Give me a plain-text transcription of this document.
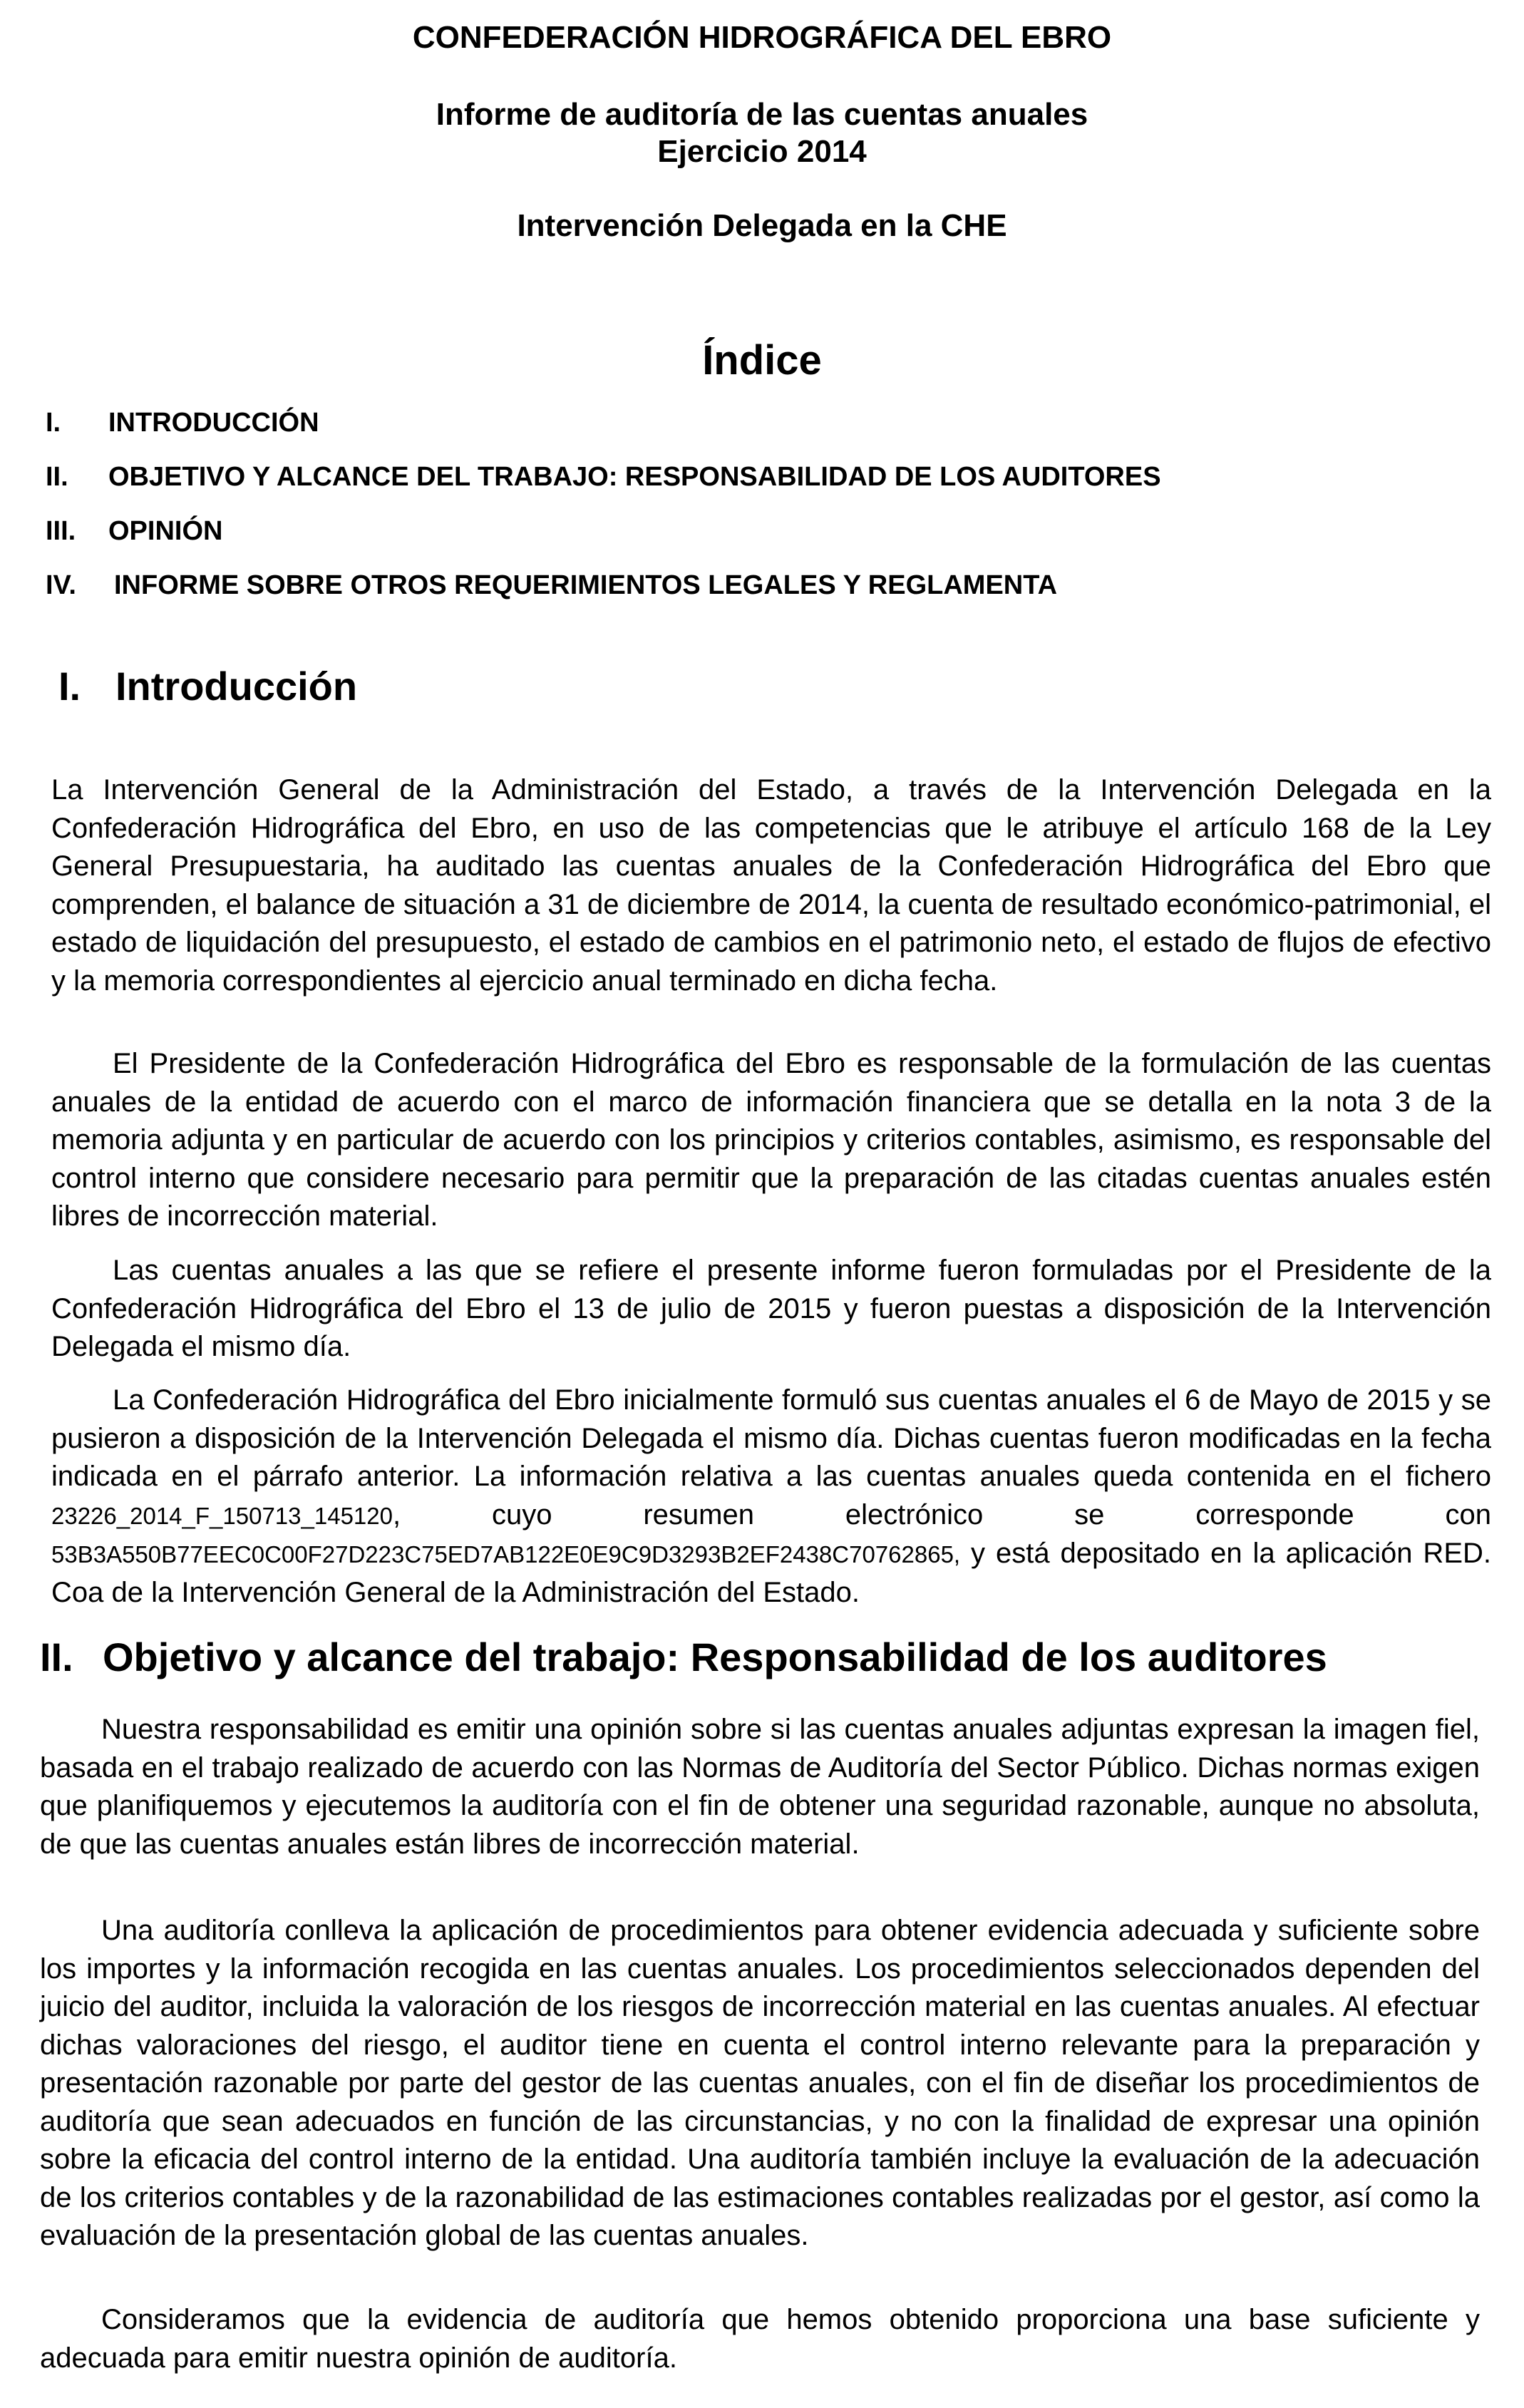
CONFEDERACIÓN HIDROGRÁFICA DEL EBRO
Informe de auditoría de las cuentas anuales
Ejercicio 2014
Intervención Delegada en la CHE
Índice
I.	INTRODUCCIÓN
II.	OBJETIVO Y ALCANCE DEL TRABAJO: RESPONSABILIDAD DE LOS AUDITORES
III.	OPINIÓN
IV.	INFORME SOBRE OTROS REQUERIMIENTOS LEGALES Y REGLAMENTA
I. Introducción

La Intervención General de la Administración del Estado, a través de la Intervención Delegada en la Confederación Hidrográfica del Ebro, en uso de las competencias que le atribuye el artículo 168 de la Ley General Presupuestaria, ha auditado las cuentas anuales de la Confederación Hidrográfica del Ebro que comprenden, el balance de situación a 31 de diciembre de 2014, la cuenta de resultado económico-patrimonial, el estado de liquidación del presupuesto, el estado de cambios en el patrimonio neto, el estado de flujos de efectivo y la memoria correspondientes al ejercicio anual terminado en dicha fecha.

El Presidente de la Confederación Hidrográfica del Ebro es responsable de la formulación de las cuentas anuales de la entidad de acuerdo con el marco de información financiera que se detalla en la nota 3 de la memoria adjunta y en particular de acuerdo con los principios y criterios contables, asimismo, es responsable del control interno que considere necesario para permitir que la preparación de las citadas cuentas anuales estén libres de incorrección material.

Las cuentas anuales a las que se refiere el presente informe fueron formuladas por el Presidente de la Confederación Hidrográfica del Ebro el 13 de julio de 2015 y fueron puestas a disposición de la Intervención Delegada el mismo día.

La Confederación Hidrográfica del Ebro inicialmente formuló sus cuentas anuales el 6 de Mayo de 2015 y se pusieron a disposición de la Intervención Delegada el mismo día. Dichas cuentas fueron modificadas en la fecha indicada en el párrafo anterior. La información relativa a las cuentas anuales queda contenida en el fichero 23226_2014_F_150713_145120, cuyo resumen electrónico se corresponde con 53B3A550B77EEC0C00F27D223C75ED7AB122E0E9C9D3293B2EF2438C70762865, y está depositado en la aplicación RED. Coa de la Intervención General de la Administración del Estado.

II. Objetivo y alcance del trabajo: Responsabilidad de los auditores

Nuestra responsabilidad es emitir una opinión sobre si las cuentas anuales adjuntas expresan la imagen fiel, basada en el trabajo realizado de acuerdo con las Normas de Auditoría del Sector Público. Dichas normas exigen que planifiquemos y ejecutemos la auditoría con el fin de obtener una seguridad razonable, aunque no absoluta, de que las cuentas anuales están libres de incorrección material.

Una auditoría conlleva la aplicación de procedimientos para obtener evidencia adecuada y suficiente sobre los importes y la información recogida en las cuentas anuales. Los procedimientos seleccionados dependen del juicio del auditor, incluida la valoración de los riesgos de incorrección material en las cuentas anuales. Al efectuar dichas valoraciones del riesgo, el auditor tiene en cuenta el control interno relevante para la preparación y presentación razonable por parte del gestor de las cuentas anuales, con el fin de diseñar los procedimientos de auditoría que sean adecuados en función de las circunstancias, y no con la finalidad de expresar una opinión sobre la eficacia del control interno de la entidad. Una auditoría también incluye la evaluación de la adecuación de los criterios contables y de la razonabilidad de las estimaciones contables realizadas por el gestor, así como la evaluación de la presentación global de las cuentas anuales.

Consideramos que la evidencia de auditoría que hemos obtenido proporciona una base suficiente y adecuada para emitir nuestra opinión de auditoría.
